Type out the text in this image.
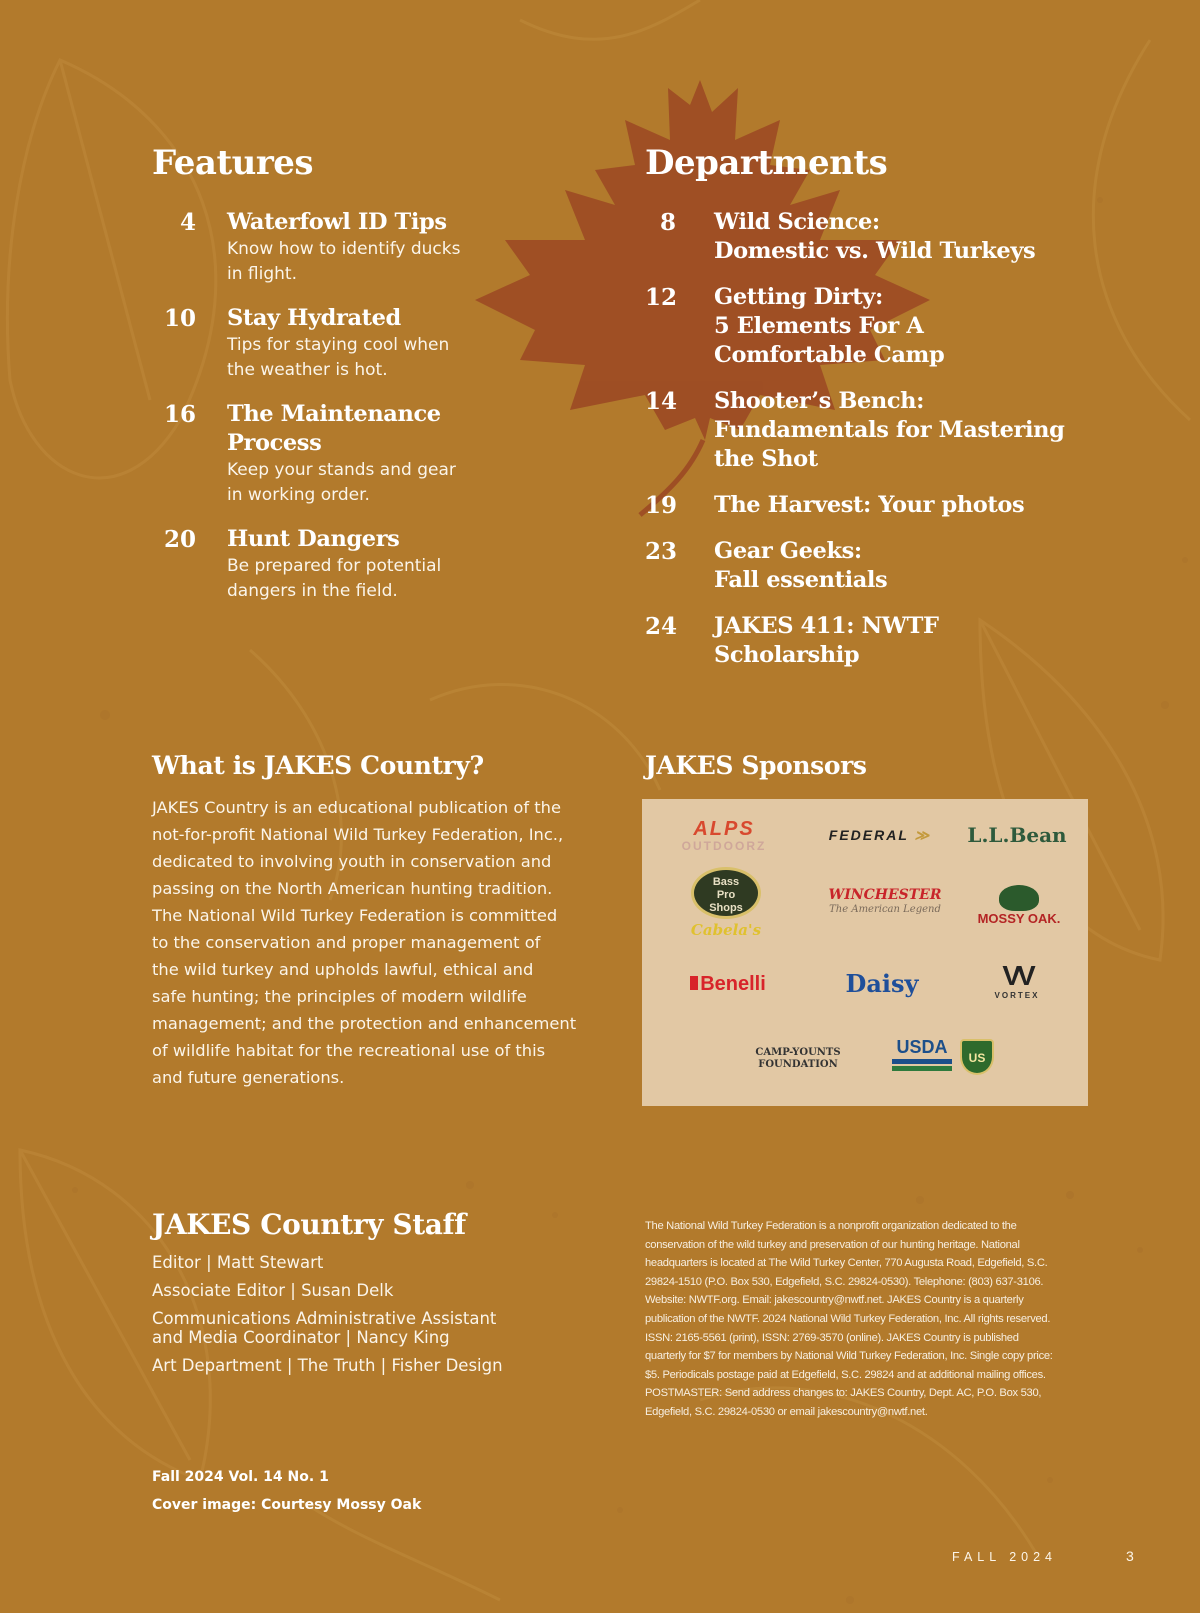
Features
4 Waterfowl ID Tips
Know how to identify ducks
in flight.
10 Stay Hydrated
Tips for staying cool when
the weather is hot.
16 The Maintenance
Process
Keep your stands and gear
in working order.
20 Hunt Dangers
Be prepared for potential
dangers in the field.
Departments
8 Wild Science:
Domestic vs. Wild Turkeys
12 Getting Dirty:
5 Elements For A
Comfortable Camp
14 Shooter’s Bench:
Fundamentals for Mastering
the Shot
19 The Harvest: Your photos
23 Gear Geeks:
Fall essentials
24 JAKES 411: NWTF
Scholarship
What is JAKES Country?

JAKES Country is an educational publication of the
not-for-profit National Wild Turkey Federation, Inc.,
dedicated to involving youth in conservation and
passing on the North American hunting tradition.
The National Wild Turkey Federation is committed
to the conservation and proper management of
the wild turkey and upholds lawful, ethical and
safe hunting; the principles of modern wildlife
management; and the protection and enhancement
of wildlife habitat for the recreational use of this
and future generations.

JAKES Sponsors
ALPS
OUTDOORZ
FEDERAL ≫	L.L.Bean
Bass
Pro
Shops
Cabela's
WINCHESTER
The American Legend
MOSSY OAK.
Benelli	Daisy	VV
VORTEX
CAMP-YOUNTS
FOUNDATION
USDA
US
JAKES Country Staff
Editor | Matt Stewart
Associate Editor | Susan Delk
Communications Administrative Assistant
and Media Coordinator | Nancy King
Art Department | The Truth | Fisher Design

The National Wild Turkey Federation is a nonprofit organization dedicated to the conservation of the wild turkey and preservation of our hunting heritage. National headquarters is located at The Wild Turkey Center, 770 Augusta Road, Edgefield, S.C. 29824-1510 (P.O. Box 530, Edgefield, S.C. 29824-0530). Telephone: (803) 637-3106. Website: NWTF.org. Email: jakescountry@nwtf.net. JAKES Country is a quarterly publication of the NWTF. 2024 National Wild Turkey Federation, Inc. All rights reserved. ISSN: 2165-5561 (print), ISSN: 2769-3570 (online). JAKES Country is published quarterly for $7 for members by National Wild Turkey Federation, Inc. Single copy price: $5. Periodicals postage paid at Edgefield, S.C. 29824 and at additional mailing offices.

POSTMASTER: Send address changes to: JAKES Country, Dept. AC, P.O. Box 530, Edgefield, S.C. 29824-0530 or email jakescountry@nwtf.net.

Fall 2024 Vol. 14 No. 1
Cover image: Courtesy Mossy Oak
FALL 2024	3
